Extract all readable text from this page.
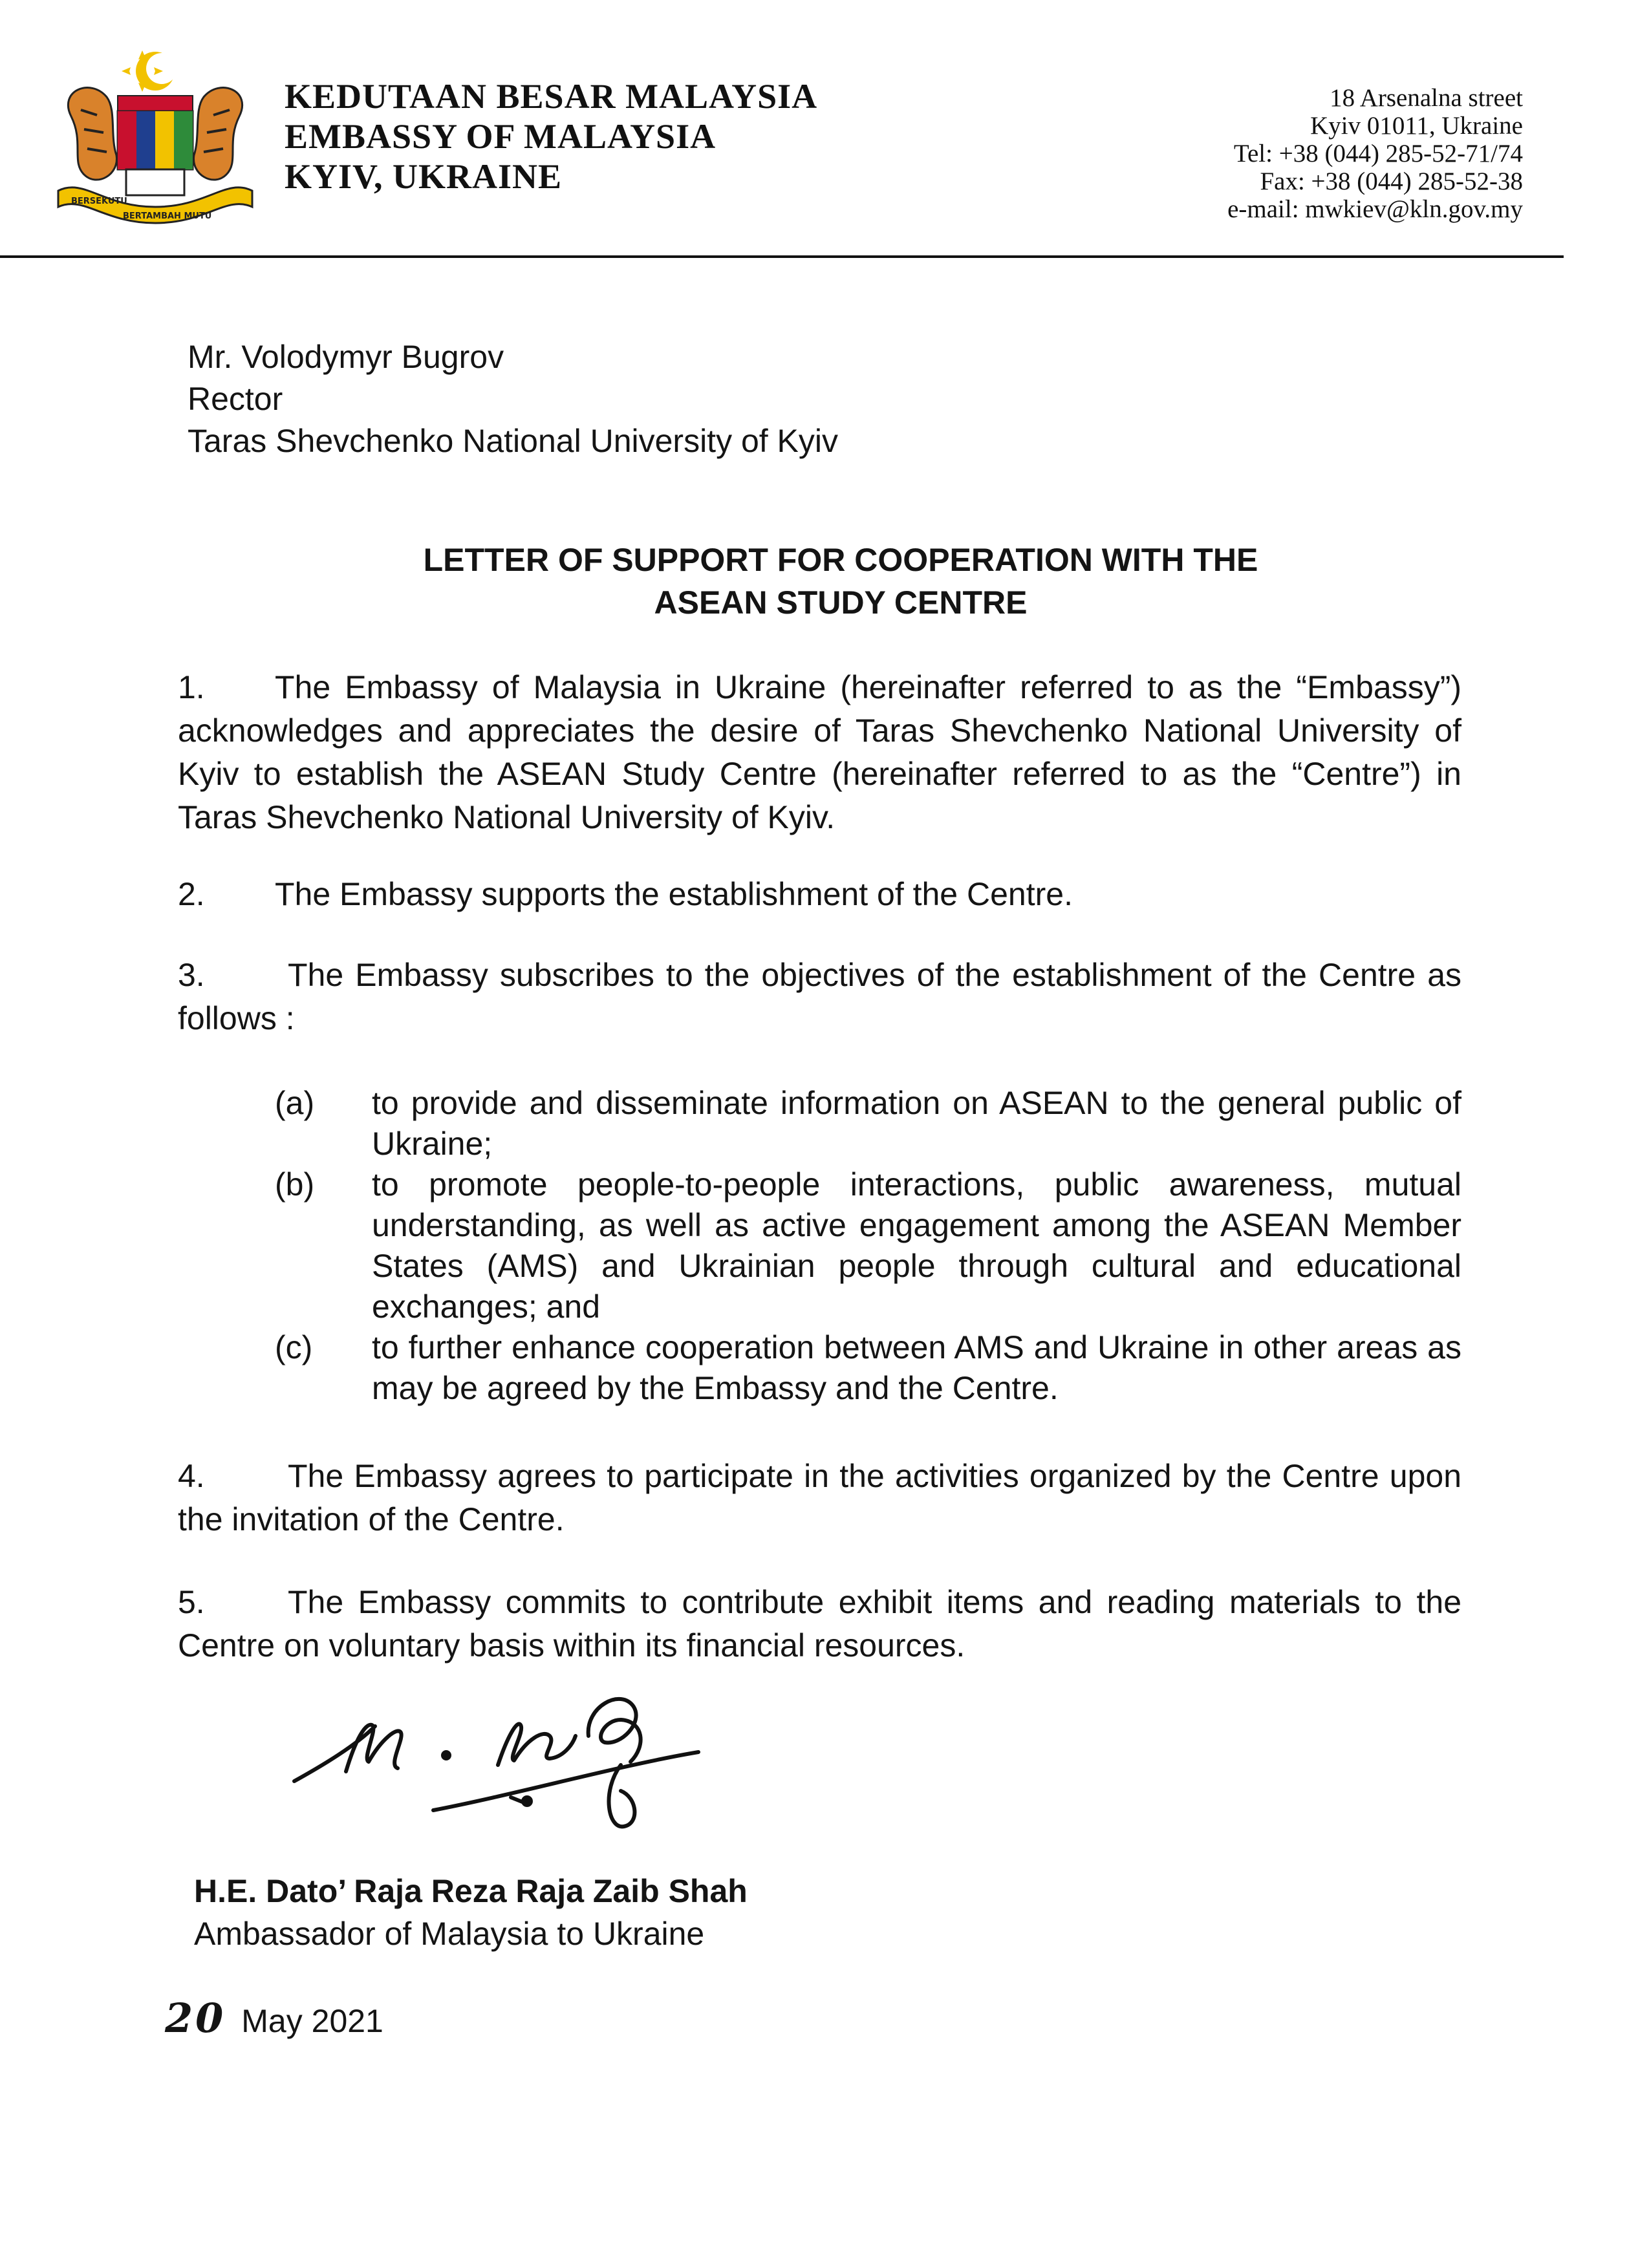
BERSEKUTU
BERTAMBAH MUTU
KEDUTAAN BESAR MALAYSIA
EMBASSY OF MALAYSIA
KYIV, UKRAINE
18 Arsenalna street
Kyiv 01011, Ukraine
Tel: +38 (044) 285-52-71/74
Fax: +38 (044) 285-52-38
e-mail: mwkiev@kln.gov.my
Mr. Volodymyr Bugrov
Rector
Taras Shevchenko National University of Kyiv
LETTER OF SUPPORT FOR COOPERATION WITH THE
ASEAN STUDY CENTRE
1. The Embassy of Malaysia in Ukraine (hereinafter referred to as the “Embassy”) acknowledges and appreciates the desire of Taras Shevchenko National University of Kyiv to establish the ASEAN Study Centre (hereinafter referred to as the “Centre”) in Taras Shevchenko National University of Kyiv.
2. The Embassy supports the establishment of the Centre.
3.	The Embassy subscribes to the objectives of the establishment of the Centre as follows :
(a) to provide and disseminate information on ASEAN to the general public of Ukraine;
(b) to promote people-to-people interactions, public awareness, mutual understanding, as well as active engagement among the ASEAN Member States (AMS) and Ukrainian people through cultural and educational exchanges; and
(c) to further enhance cooperation between AMS and Ukraine in other areas as may be agreed by the Embassy and the Centre.
4.	The Embassy agrees to participate in the activities organized by the Centre upon the invitation of the Centre.
5.	The Embassy commits to contribute exhibit items and reading materials to the Centre on voluntary basis within its financial resources.
H.E. Dato’ Raja Reza Raja Zaib Shah
Ambassador of Malaysia to Ukraine
20 May 2021
